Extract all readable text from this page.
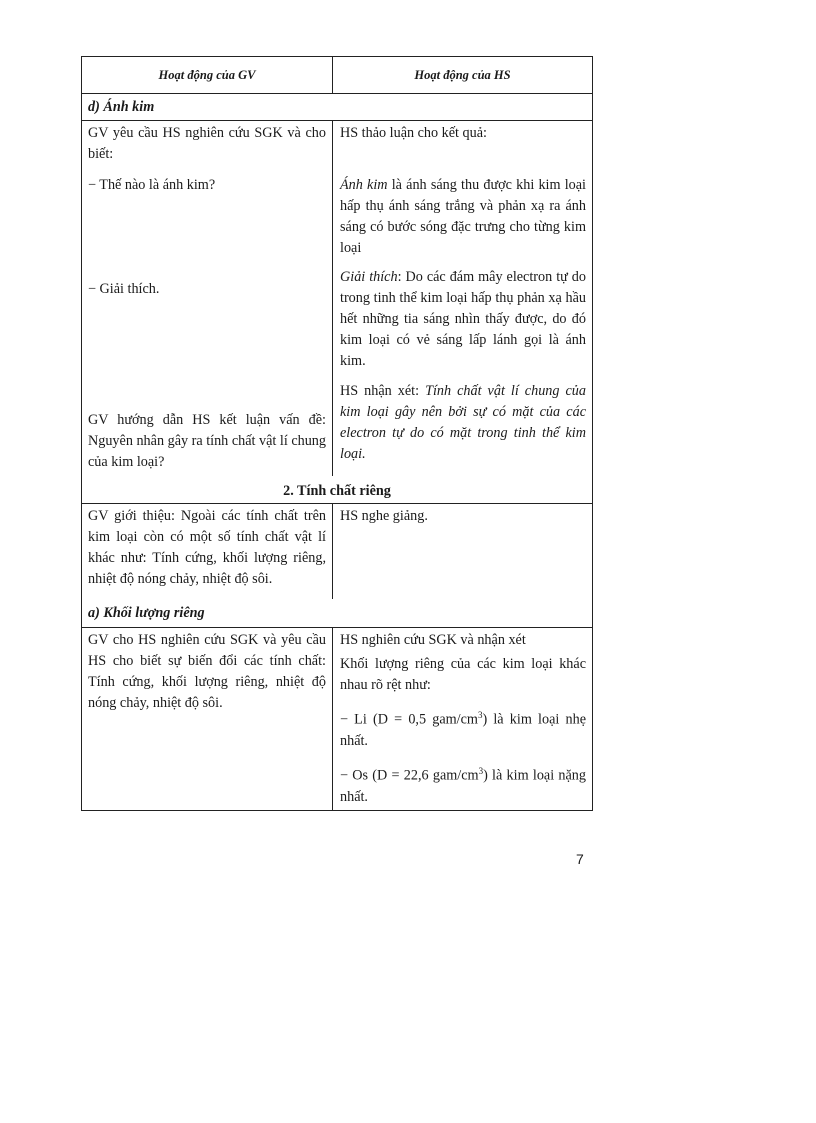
Hoạt động của GV	Hoạt động của HS
d) Ánh kim
GV yêu cầu HS nghiên cứu SGK và cho biết:
HS thảo luận cho kết quả:
− Thế nào là ánh kim?	Ánh kim là ánh sáng thu được khi kim loại hấp thụ ánh sáng trắng và phản xạ ra ánh sáng có bước sóng đặc trưng cho từng kim loại
− Giải thích.
Giải thích: Do các đám mây electron tự do trong tinh thể kim loại hấp thụ phản xạ hầu hết những tia sáng nhìn thấy được, do đó kim loại có vẻ sáng lấp lánh gọi là ánh kim.
GV hướng dẫn HS kết luận vấn đề: Nguyên nhân gây ra tính chất vật lí chung của kim loại?
HS nhận xét: Tính chất vật lí chung của kim loại gây nên bởi sự có mặt của các electron tự do có mặt trong tinh thể kim loại.
2. Tính chất riêng
GV giới thiệu: Ngoài các tính chất trên kim loại còn có một số tính chất vật lí khác như: Tính cứng, khối lượng riêng, nhiệt độ nóng chảy, nhiệt độ sôi.
HS nghe giảng.
a) Khối lượng riêng
GV cho HS nghiên cứu SGK và yêu cầu HS cho biết sự biến đổi các tính chất: Tính cứng, khối lượng riêng, nhiệt độ nóng chảy, nhiệt độ sôi.
HS nghiên cứu SGK và nhận xét
Khối lượng riêng của các kim loại khác nhau rõ rệt như:
− Li (D = 0,5 gam/$cm^3$) là kim loại nhẹ nhất.
− Os (D = 22,6 gam/$cm^3$) là kim loại nặng nhất.
7
